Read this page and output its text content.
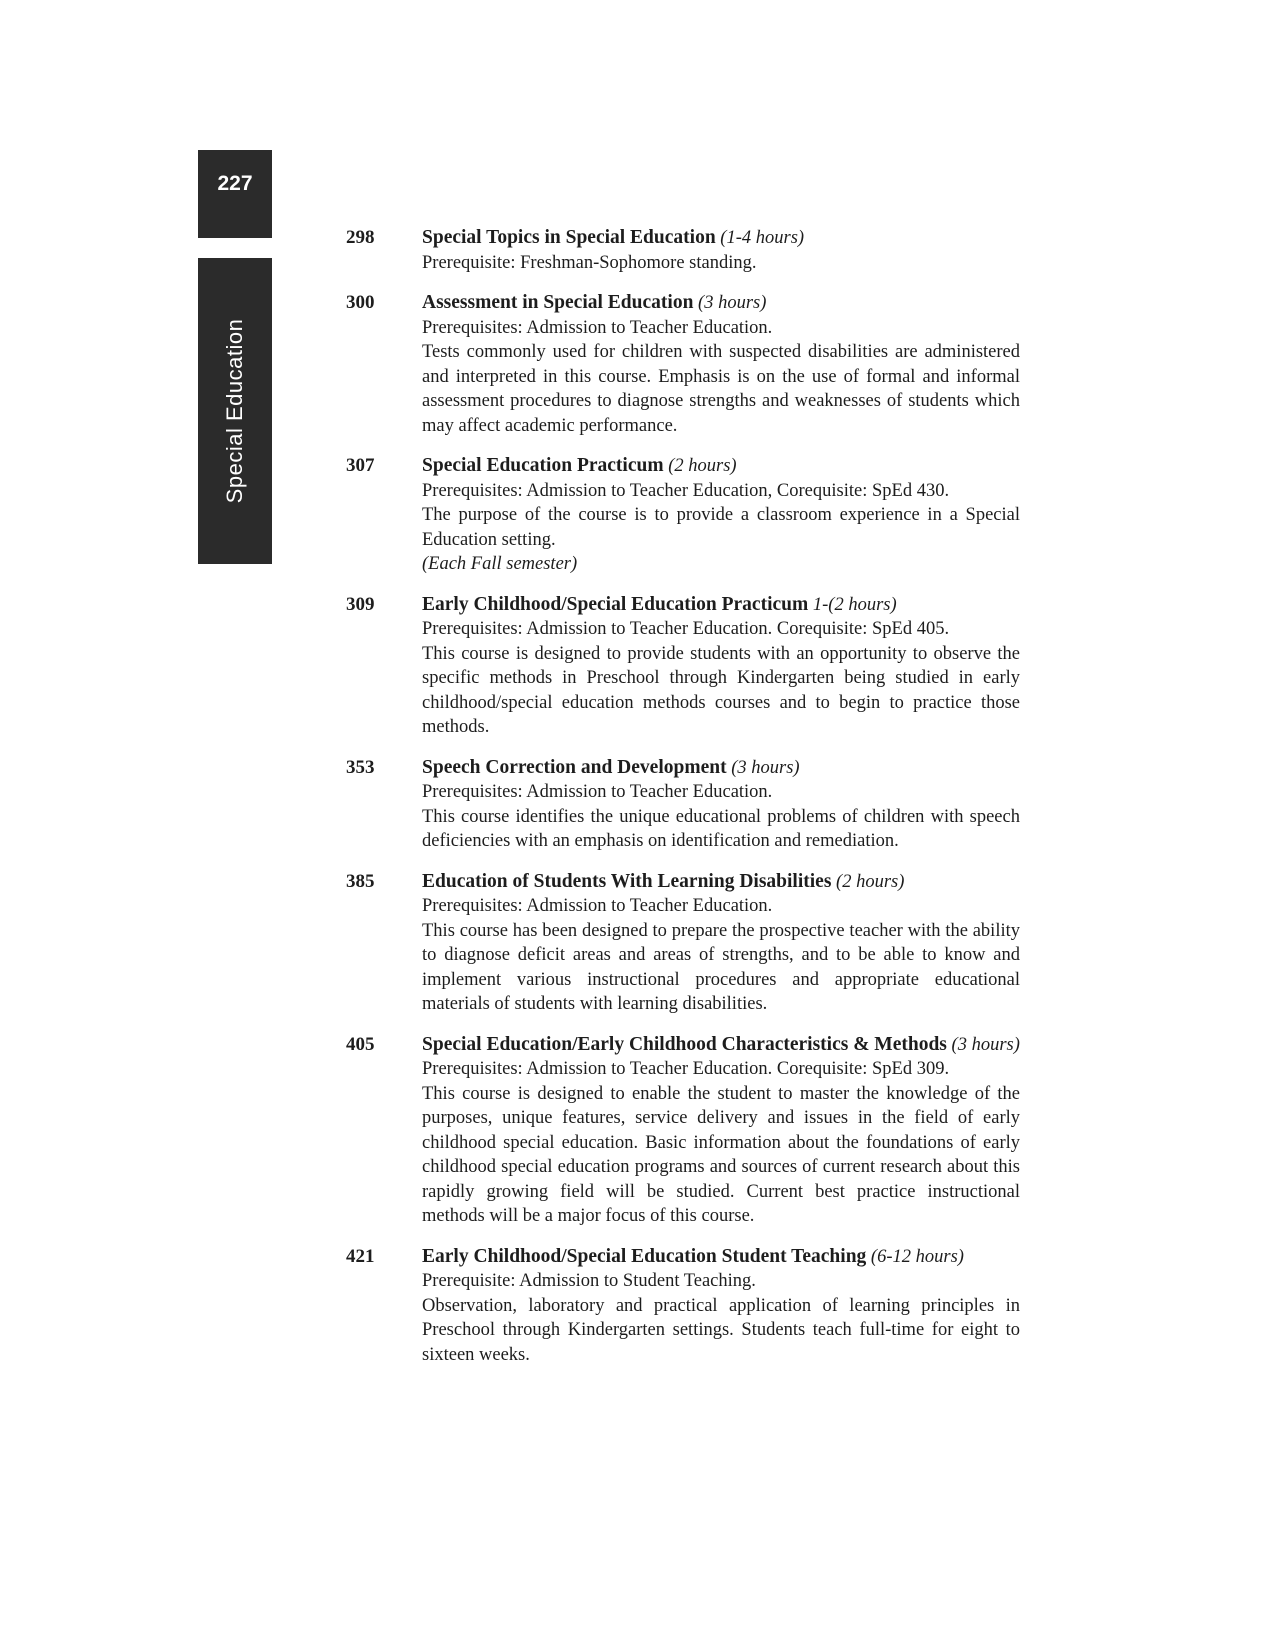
227
Special Education
298 Special Topics in Special Education (1-4 hours)
Prerequisite: Freshman-Sophomore standing.
300 Assessment in Special Education (3 hours)
Prerequisites: Admission to Teacher Education.
Tests commonly used for children with suspected disabilities are administered and interpreted in this course. Emphasis is on the use of formal and informal assessment procedures to diagnose strengths and weaknesses of students which may affect academic performance.
307 Special Education Practicum (2 hours)
Prerequisites: Admission to Teacher Education, Corequisite: SpEd 430.
The purpose of the course is to provide a classroom experience in a Special Education setting.
(Each Fall semester)
309 Early Childhood/Special Education Practicum 1-(2 hours)
Prerequisites: Admission to Teacher Education. Corequisite: SpEd 405.
This course is designed to provide students with an opportunity to observe the specific methods in Preschool through Kindergarten being studied in early childhood/special education methods courses and to begin to practice those methods.
353 Speech Correction and Development (3 hours)
Prerequisites: Admission to Teacher Education.
This course identifies the unique educational problems of children with speech deficiencies with an emphasis on identification and remediation.
385 Education of Students With Learning Disabilities (2 hours)
Prerequisites: Admission to Teacher Education.
This course has been designed to prepare the prospective teacher with the ability to diagnose deficit areas and areas of strengths, and to be able to know and implement various instructional procedures and appropriate educational materials of students with learning disabilities.
405 Special Education/Early Childhood Characteristics & Methods (3 hours)
Prerequisites: Admission to Teacher Education. Corequisite: SpEd 309.
This course is designed to enable the student to master the knowledge of the purposes, unique features, service delivery and issues in the field of early childhood special education. Basic information about the foundations of early childhood special education programs and sources of current research about this rapidly growing field will be studied. Current best practice instructional methods will be a major focus of this course.
421 Early Childhood/Special Education Student Teaching (6-12 hours)
Prerequisite: Admission to Student Teaching.
Observation, laboratory and practical application of learning principles in Preschool through Kindergarten settings. Students teach full-time for eight to sixteen weeks.
